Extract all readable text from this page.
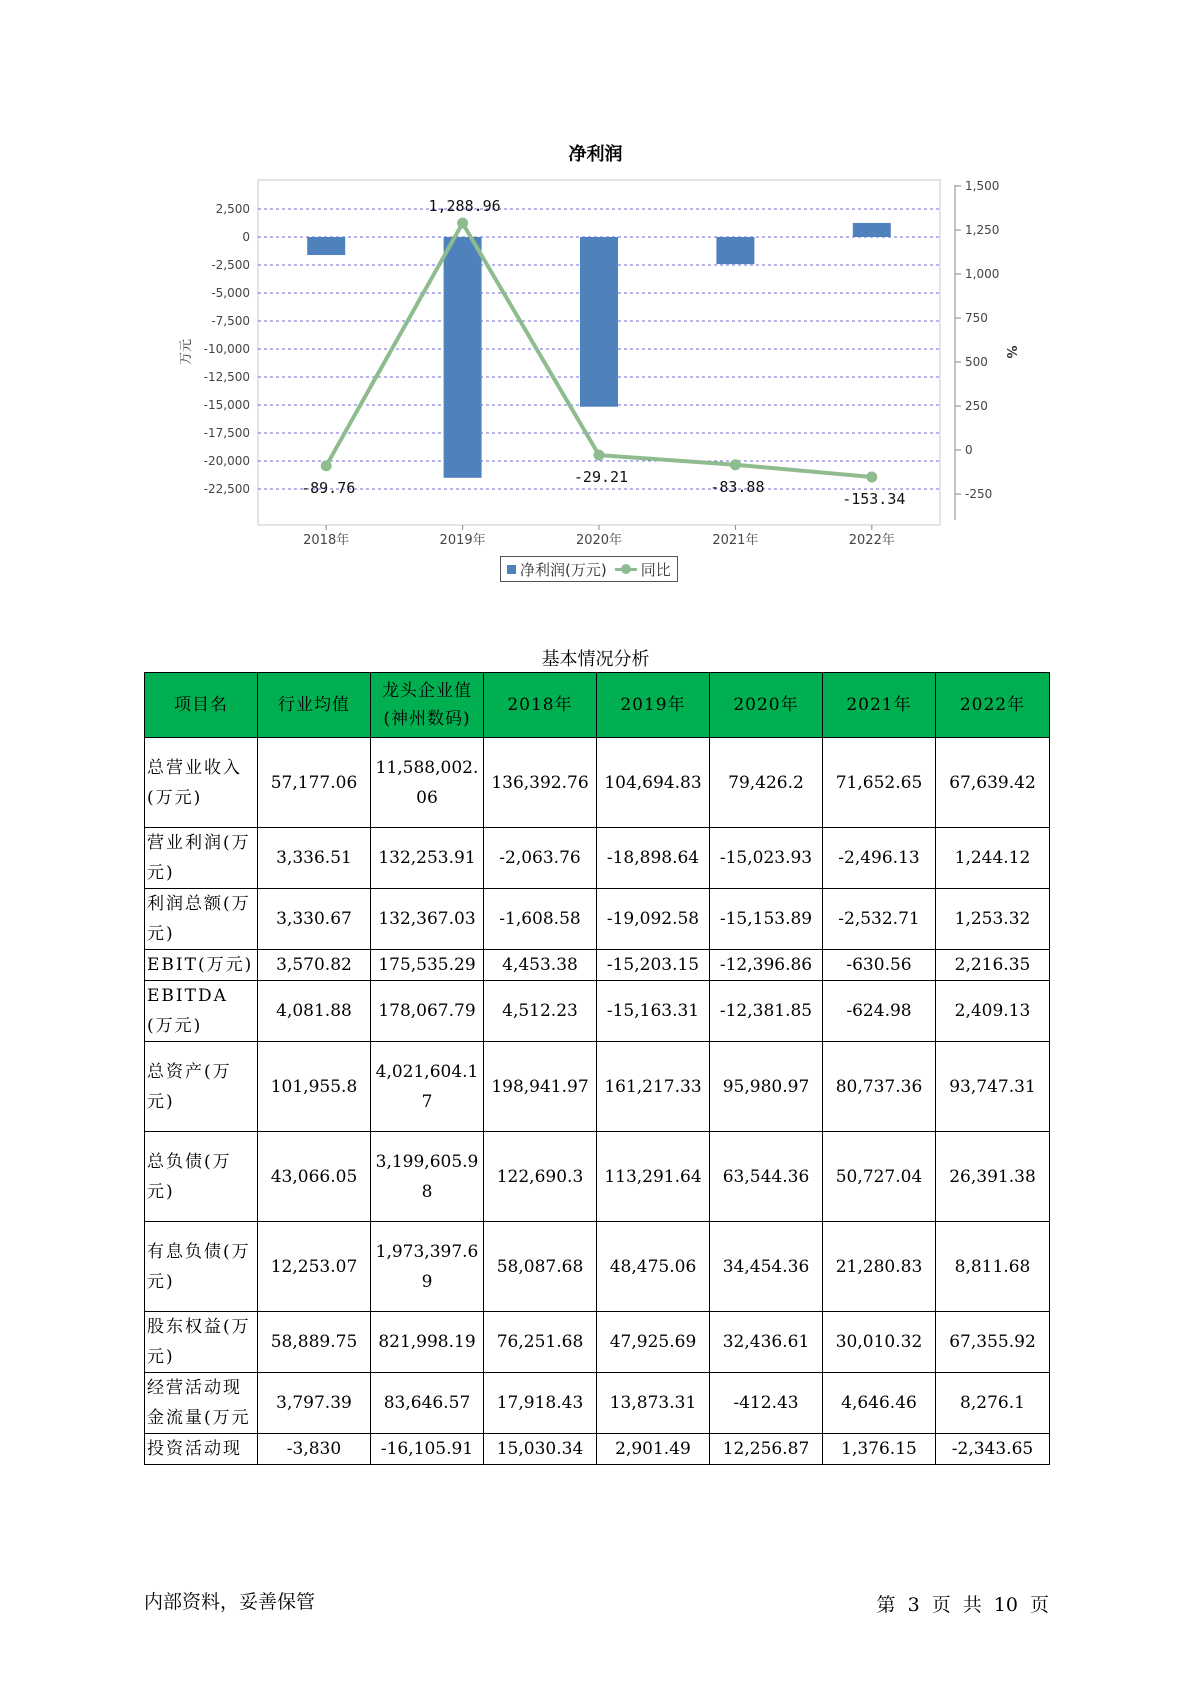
净利润
2,500
0
-2,500
-5,000
-7,500
-10,000
-12,500
-15,000
-17,500
-20,000
-22,500
1,500
1,250
1,000
750
500
250
0
-250
万元	%
2018年	2019年	2020年	2021年	2022年
-89.76
1,288.96
-29.21
-83.88
-153.34
净利润(万元) 同比
基本情况分析
项目名	行业均值	龙头企业值(神州数码)	2018年	2019年	2020年	2021年	2022年
总营业收入(万元)	57,177.06	11,588,002.06	136,392.76	104,694.83	79,426.2	71,652.65	67,639.42
营业利润(万元)	3,336.51	132,253.91	-2,063.76	-18,898.64	-15,023.93	-2,496.13	1,244.12
利润总额(万元)	3,330.67	132,367.03	-1,608.58	-19,092.58	-15,153.89	-2,532.71	1,253.32
EBIT(万元)	3,570.82	175,535.29	4,453.38	-15,203.15	-12,396.86	-630.56	2,216.35
EBITDA(万元)	4,081.88	178,067.79	4,512.23	-15,163.31	-12,381.85	-624.98	2,409.13
总资产(万元)	101,955.8	4,021,604.17	198,941.97	161,217.33	95,980.97	80,737.36	93,747.31
总负债(万元)	43,066.05	3,199,605.98	122,690.3	113,291.64	63,544.36	50,727.04	26,391.38
有息负债(万元)	12,253.07	1,973,397.69	58,087.68	48,475.06	34,454.36	21,280.83	8,811.68
股东权益(万元)	58,889.75	821,998.19	76,251.68	47,925.69	32,436.61	30,010.32	67,355.92
经营活动现金流量(万元	3,797.39	83,646.57	17,918.43	13,873.31	-412.43	4,646.46	8,276.1
投资活动现	-3,830	-16,105.91	15,030.34	2,901.49	12,256.87	1,376.15	-2,343.65
内部资料，妥善保管	第 3 页 共 10 页
